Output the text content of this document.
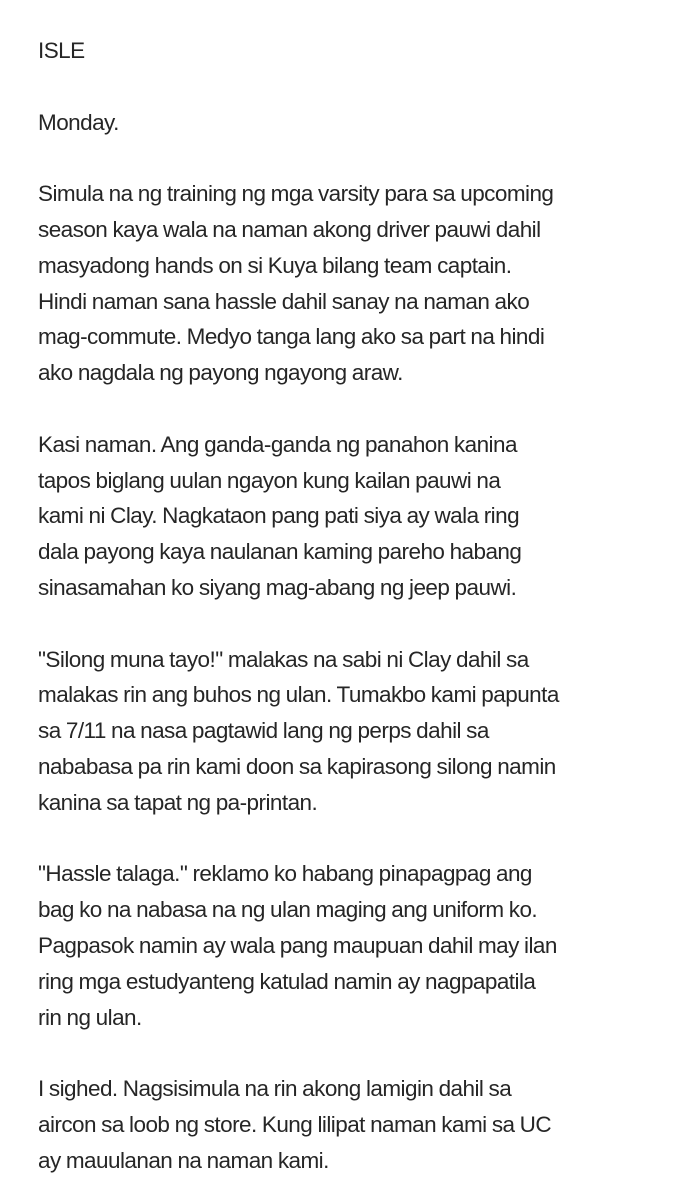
ISLE

Monday.

Simula na ng training ng mga varsity para sa upcoming
season kaya wala na naman akong driver pauwi dahil
masyadong hands on si Kuya bilang team captain.
Hindi naman sana hassle dahil sanay na naman ako
mag-commute. Medyo tanga lang ako sa part na hindi
ako nagdala ng payong ngayong araw.

Kasi naman. Ang ganda-ganda ng panahon kanina
tapos biglang uulan ngayon kung kailan pauwi na
kami ni Clay. Nagkataon pang pati siya ay wala ring
dala payong kaya naulanan kaming pareho habang
sinasamahan ko siyang mag-abang ng jeep pauwi.

"Silong muna tayo!" malakas na sabi ni Clay dahil sa
malakas rin ang buhos ng ulan. Tumakbo kami papunta
sa 7/11 na nasa pagtawid lang ng perps dahil sa
nababasa pa rin kami doon sa kapirasong silong namin
kanina sa tapat ng pa-printan.

"Hassle talaga." reklamo ko habang pinapagpag ang
bag ko na nabasa na ng ulan maging ang uniform ko.
Pagpasok namin ay wala pang maupuan dahil may ilan
ring mga estudyanteng katulad namin ay nagpapatila
rin ng ulan.

I sighed. Nagsisimula na rin akong lamigin dahil sa
aircon sa loob ng store. Kung lilipat naman kami sa UC
ay mauulanan na naman kami.
